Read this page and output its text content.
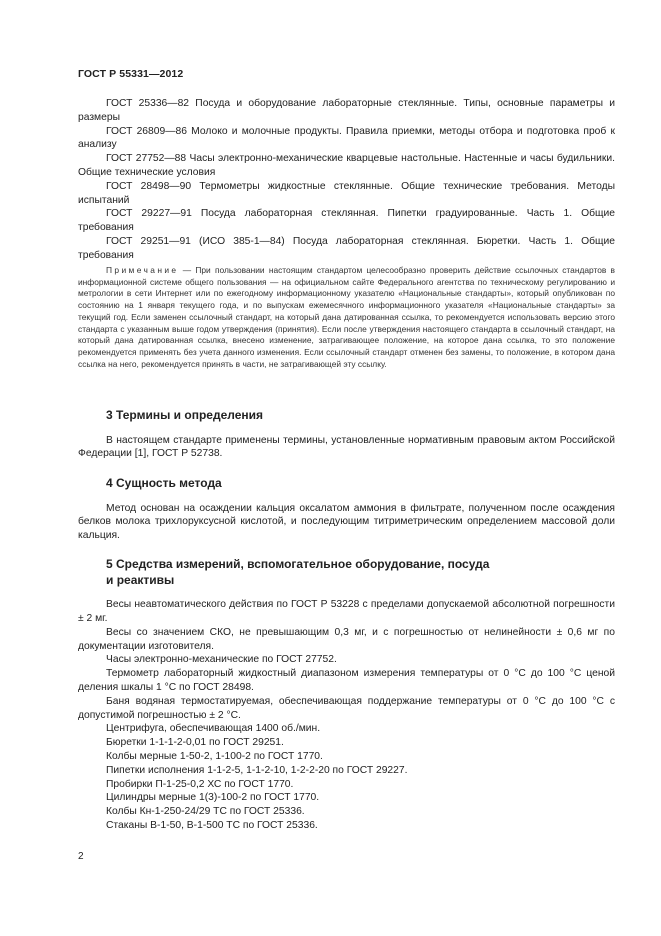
ГОСТ Р 55331—2012

ГОСТ 25336—82 Посуда и оборудование лабораторные стеклянные. Типы, основные параметры и размеры

ГОСТ 26809—86 Молоко и молочные продукты. Правила приемки, методы отбора и подготовка проб к анализу

ГОСТ 27752—88 Часы электронно-механические кварцевые настольные. Настенные и часы будильники. Общие технические условия

ГОСТ 28498—90 Термометры жидкостные стеклянные. Общие технические требования. Методы испытаний

ГОСТ 29227—91 Посуда лабораторная стеклянная. Пипетки градуированные. Часть 1. Общие требования

ГОСТ 29251—91 (ИСО 385-1—84) Посуда лабораторная стеклянная. Бюретки. Часть 1. Общие требования

Примечание — При пользовании настоящим стандартом целесообразно проверить действие ссылочных стандартов в информационной системе общего пользования — на официальном сайте Федерального агентства по техническому регулированию и метрологии в сети Интернет или по ежегодному информационному указателю «Национальные стандарты», который опубликован по состоянию на 1 января текущего года, и по выпускам ежемесячного информационного указателя «Национальные стандарты» за текущий год. Если заменен ссылочный стандарт, на который дана датированная ссылка, то рекомендуется использовать версию этого стандарта с указанным выше годом утверждения (принятия). Если после утверждения настоящего стандарта в ссылочный стандарт, на который дана датированная ссылка, внесено изменение, затрагивающее положение, на которое дана ссылка, то это положение рекомендуется применять без учета данного изменения. Если ссылочный стандарт отменен без замены, то положение, в котором дана ссылка на него, рекомендуется принять в части, не затрагивающей эту ссылку.

3 Термины и определения

В настоящем стандарте применены термины, установленные нормативным правовым актом Российской Федерации [1], ГОСТ Р 52738.

4 Сущность метода

Метод основан на осаждении кальция оксалатом аммония в фильтрате, полученном после осаждения белков молока трихлоруксусной кислотой, и последующим титриметрическим определением массовой доли кальция.

5 Средства измерений, вспомогательное оборудование, посуда

и реактивы

Весы неавтоматического действия по ГОСТ Р 53228 с пределами допускаемой абсолютной погрешности ± 2 мг.

Весы со значением СКО, не превышающим 0,3 мг, и с погрешностью от нелинейности ± 0,6 мг по документации изготовителя.

Часы электронно-механические по ГОСТ 27752.

Термометр лабораторный жидкостный диапазоном измерения температуры от 0 °С до 100 °С ценой деления шкалы 1 °С по ГОСТ 28498.

Баня водяная термостатируемая, обеспечивающая поддержание температуры от 0 °С до 100 °С с допустимой погрешностью ± 2 °С.

Центрифуга, обеспечивающая 1400 об./мин.

Бюретки 1-1-1-2-0,01 по ГОСТ 29251.

Колбы мерные 1-50-2, 1-100-2 по ГОСТ 1770.

Пипетки исполнения 1-1-2-5, 1-1-2-10, 1-2-2-20 по ГОСТ 29227.

Пробирки П-1-25-0,2 ХС по ГОСТ 1770.

Цилиндры мерные 1(3)-100-2 по ГОСТ 1770.

Колбы Кн-1-250-24/29 ТС по ГОСТ 25336.

Стаканы В-1-50, В-1-500 ТС по ГОСТ 25336.

2
